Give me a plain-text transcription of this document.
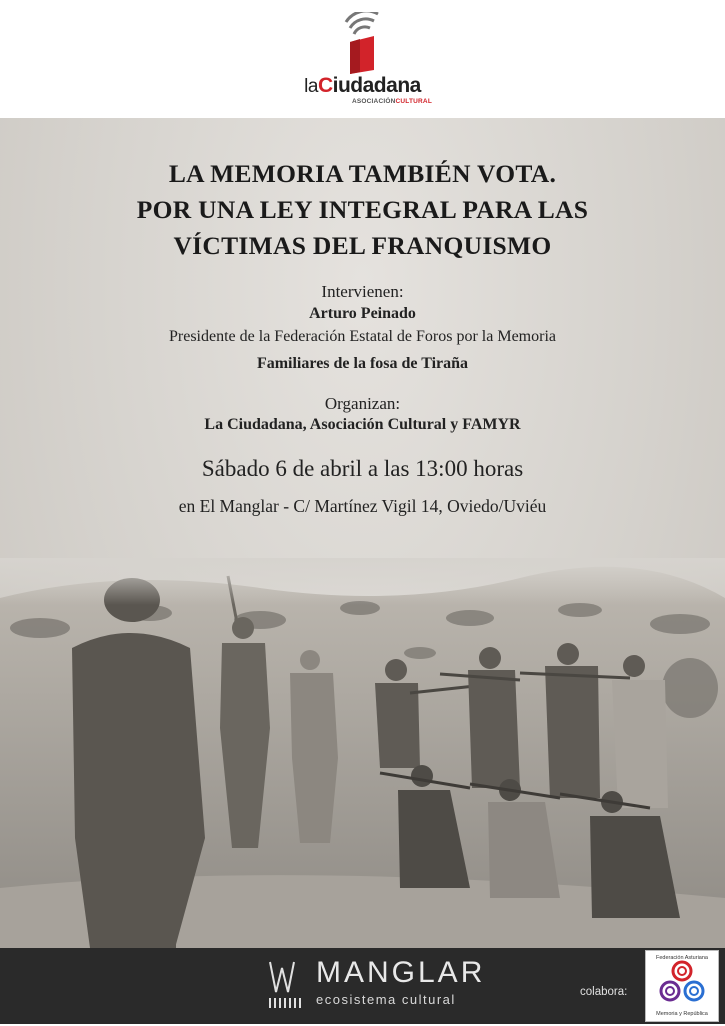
laCiudadana
ASOCIACIÓNCULTURAL
LA MEMORIA TAMBIÉN VOTA.
POR UNA LEY INTEGRAL PARA LAS
VÍCTIMAS DEL FRANQUISMO
Intervienen:
Arturo Peinado
Presidente de la Federación Estatal de Foros por la Memoria
Familiares de la fosa de Tiraña
Organizan:
La Ciudadana, Asociación Cultural y FAMYR
Sábado 6 de abril a las 13:00 horas
en El Manglar - C/ Martínez Vigil 14, Oviedo/Uviéu
MANGLAR
ecosistema cultural	colabora:
Federación Asturiana
Memoria y República
